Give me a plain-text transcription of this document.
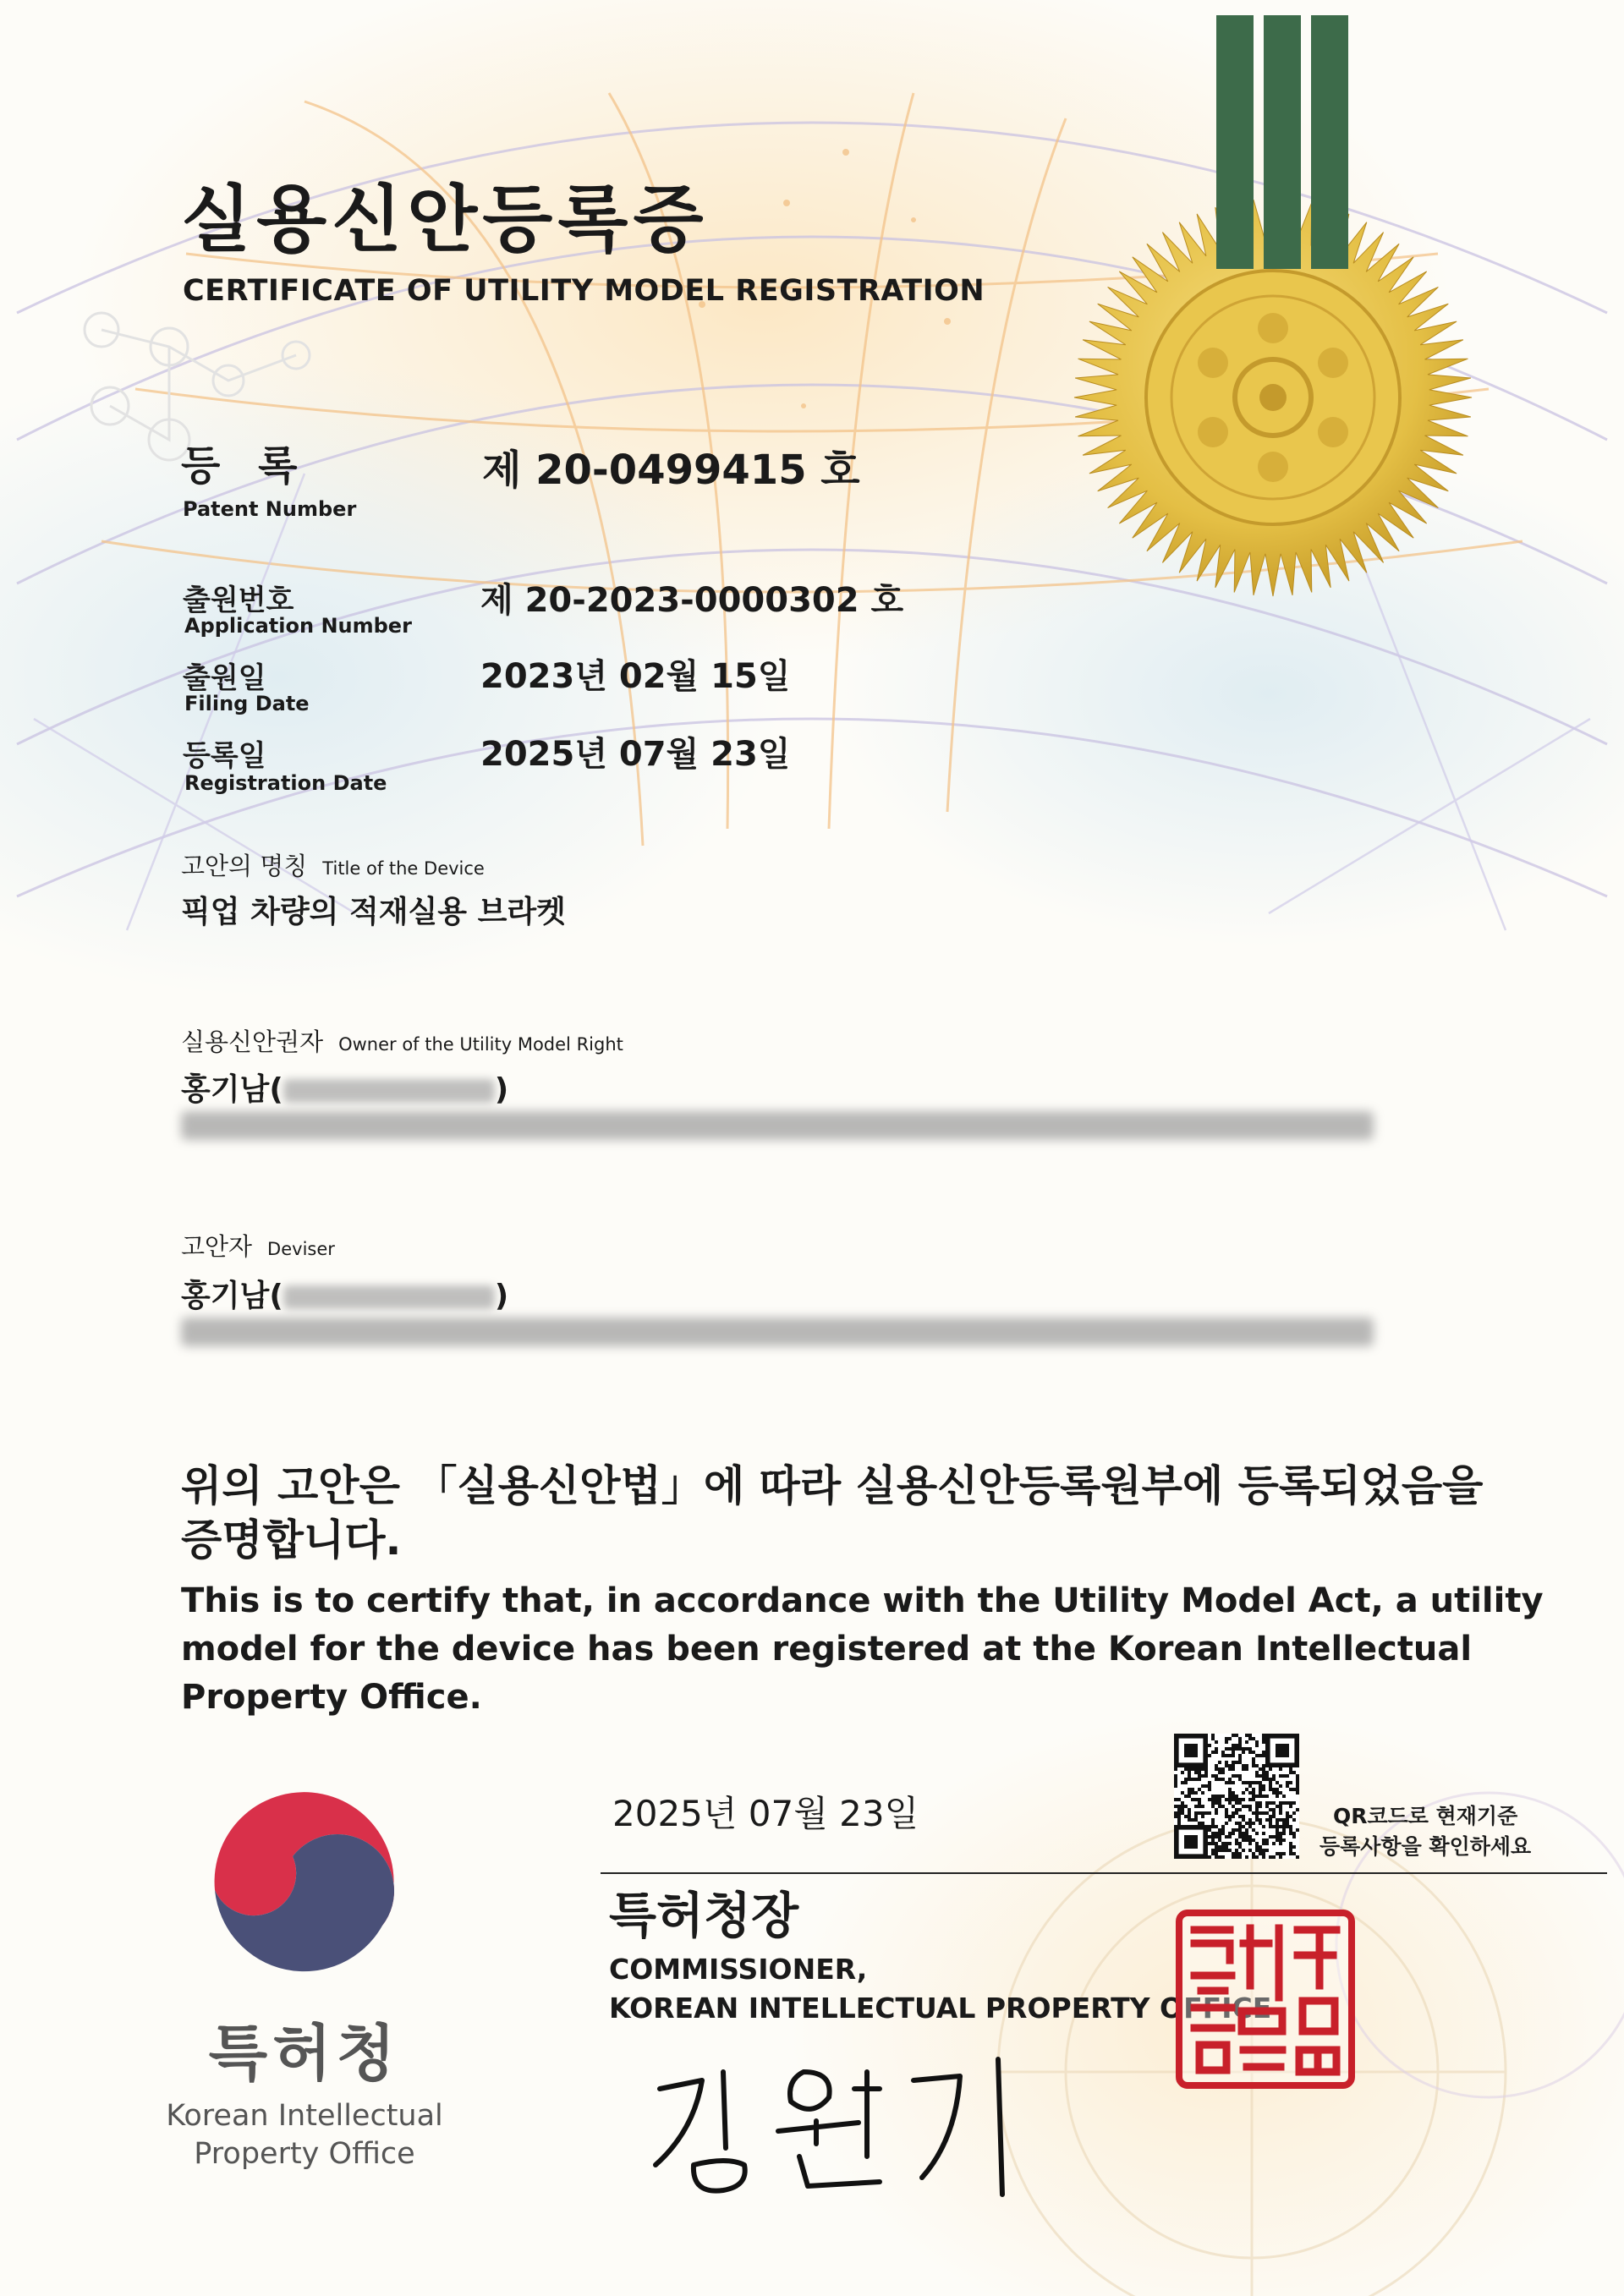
실용신안등록증
CERTIFICATE OF UTILITY MODEL REGISTRATION
등 록
Patent Number
제 20-0499415 호
출원번호
Application Number
제 20-2023-0000302 호
출원일
Filing Date
2023년 02월 15일
등록일
Registration Date
2025년 07월 23일
고안의 명칭 Title of the Device
픽업 차량의 적재실용 브라켓
실용신안권자 Owner of the Utility Model Right
홍기남(	)
고안자 Deviser
홍기남(	)
위의 고안은 「실용신안법」에 따라 실용신안등록원부에 등록되었음을 증명합니다.
This is to certify that, in accordance with the Utility Model Act, a utility model for the device has been registered at the Korean Intellectual Property Office.
QR코드로 현재기준
등록사항을 확인하세요
2025년 07월 23일
특허청장
COMMISSIONER,
KOREAN INTELLECTUAL PROPERTY OFFICE
특허청
Korean Intellectual
Property Office
